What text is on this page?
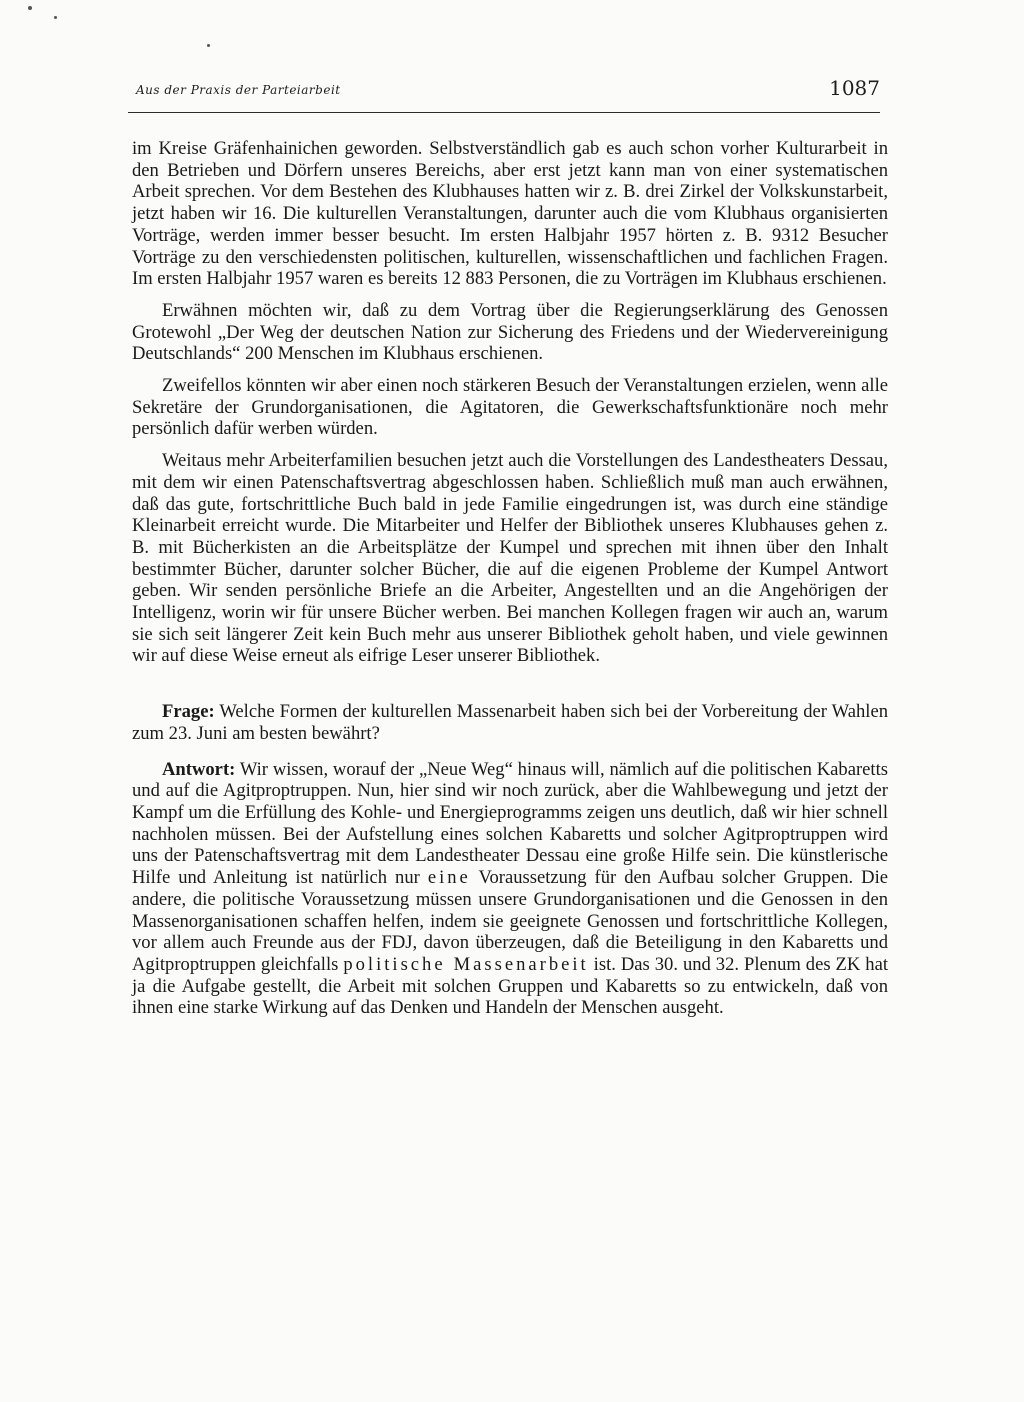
Aus der Praxis der Parteiarbeit	1087

im Kreise Gräfenhainichen geworden. Selbstverständlich gab es auch schon vorher Kulturarbeit in den Betrieben und Dörfern unseres Bereichs, aber erst jetzt kann man von einer systematischen Arbeit sprechen. Vor dem Bestehen des Klubhauses hatten wir z. B. drei Zirkel der Volkskunstarbeit, jetzt haben wir 16. Die kulturellen Veranstaltungen, darunter auch die vom Klubhaus organisierten Vorträge, werden immer besser besucht. Im ersten Halbjahr 1957 hörten z. B. 9312 Besucher Vorträge zu den verschiedensten politischen, kulturellen, wissenschaftlichen und fachlichen Fragen. Im ersten Halbjahr 1957 waren es bereits 12 883 Personen, die zu Vorträgen im Klubhaus erschienen.

Erwähnen möchten wir, daß zu dem Vortrag über die Regierungserklärung des Genossen Grotewohl „Der Weg der deutschen Nation zur Sicherung des Friedens und der Wiedervereinigung Deutschlands“ 200 Menschen im Klubhaus erschienen.

Zweifellos könnten wir aber einen noch stärkeren Besuch der Veranstaltungen erzielen, wenn alle Sekretäre der Grundorganisationen, die Agitatoren, die Gewerkschaftsfunktionäre noch mehr persönlich dafür werben würden.

Weitaus mehr Arbeiterfamilien besuchen jetzt auch die Vorstellungen des Landestheaters Dessau, mit dem wir einen Patenschaftsvertrag abgeschlossen haben. Schließlich muß man auch erwähnen, daß das gute, fortschrittliche Buch bald in jede Familie eingedrungen ist, was durch eine ständige Kleinarbeit erreicht wurde. Die Mitarbeiter und Helfer der Bibliothek unseres Klubhauses gehen z. B. mit Bücherkisten an die Arbeitsplätze der Kumpel und sprechen mit ihnen über den Inhalt bestimmter Bücher, darunter solcher Bücher, die auf die eigenen Probleme der Kumpel Antwort geben. Wir senden persönliche Briefe an die Arbeiter, Angestellten und an die Angehörigen der Intelligenz, worin wir für unsere Bücher werben. Bei manchen Kollegen fragen wir auch an, warum sie sich seit längerer Zeit kein Buch mehr aus unserer Bibliothek geholt haben, und viele gewinnen wir auf diese Weise erneut als eifrige Leser unserer Bibliothek.

Frage: Welche Formen der kulturellen Massenarbeit haben sich bei der Vorbereitung der Wahlen zum 23. Juni am besten bewährt?

Antwort: Wir wissen, worauf der „Neue Weg“ hinaus will, nämlich auf die politischen Kabaretts und auf die Agitproptruppen. Nun, hier sind wir noch zurück, aber die Wahlbewegung und jetzt der Kampf um die Erfüllung des Kohle- und Energieprogramms zeigen uns deutlich, daß wir hier schnell nachholen müssen. Bei der Aufstellung eines solchen Kabaretts und solcher Agitproptruppen wird uns der Patenschaftsvertrag mit dem Landestheater Dessau eine große Hilfe sein. Die künstlerische Hilfe und Anleitung ist natürlich nur eine Voraussetzung für den Aufbau solcher Gruppen. Die andere, die politische Voraussetzung müssen unsere Grundorganisationen und die Genossen in den Massenorganisationen schaffen helfen, indem sie geeignete Genossen und fortschrittliche Kollegen, vor allem auch Freunde aus der FDJ, davon überzeugen, daß die Beteiligung in den Kabaretts und Agitproptruppen gleichfalls politische Massenarbeit ist. Das 30. und 32. Plenum des ZK hat ja die Aufgabe gestellt, die Arbeit mit solchen Gruppen und Kabaretts so zu entwickeln, daß von ihnen eine starke Wirkung auf das Denken und Handeln der Menschen ausgeht.
